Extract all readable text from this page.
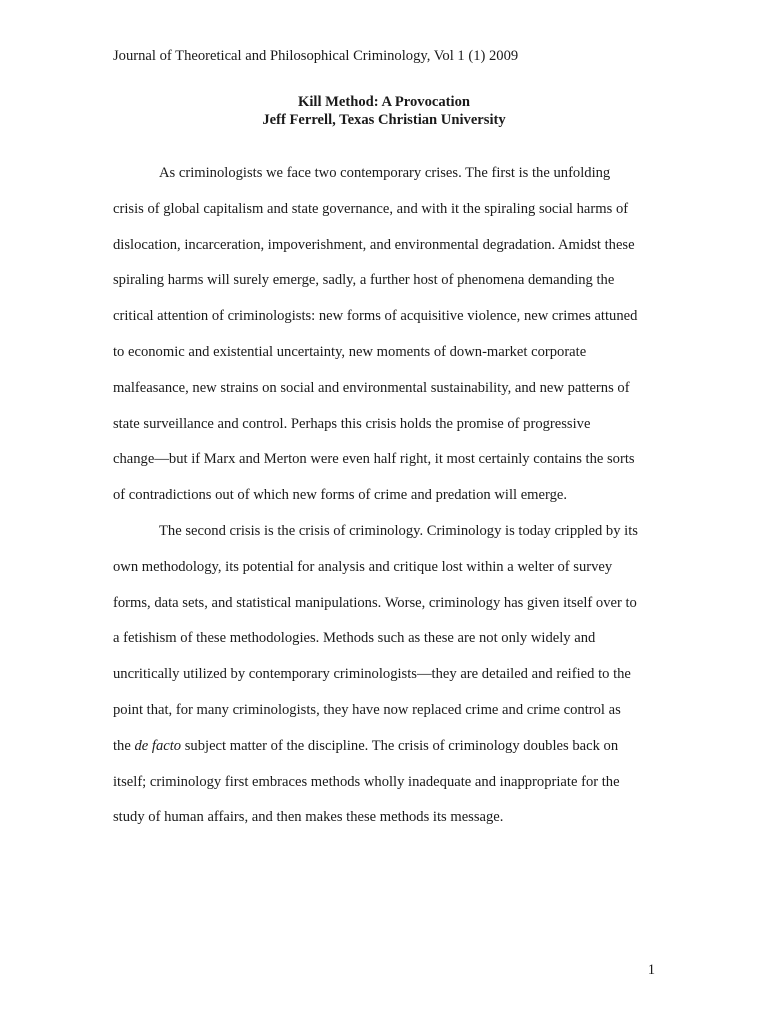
Journal of Theoretical and Philosophical Criminology, Vol 1 (1) 2009
Kill Method: A Provocation
Jeff Ferrell, Texas Christian University
As criminologists we face two contemporary crises. The first is the unfolding
crisis of global capitalism and state governance, and with it the spiraling social harms of
dislocation, incarceration, impoverishment, and environmental degradation. Amidst these
spiraling harms will surely emerge, sadly, a further host of phenomena demanding the
critical attention of criminologists: new forms of acquisitive violence, new crimes attuned
to economic and existential uncertainty, new moments of down-market corporate
malfeasance, new strains on social and environmental sustainability, and new patterns of
state surveillance and control. Perhaps this crisis holds the promise of progressive
change—but if Marx and Merton were even half right, it most certainly contains the sorts
of contradictions out of which new forms of crime and predation will emerge.
The second crisis is the crisis of criminology. Criminology is today crippled by its
own methodology, its potential for analysis and critique lost within a welter of survey
forms, data sets, and statistical manipulations. Worse, criminology has given itself over to
a fetishism of these methodologies. Methods such as these are not only widely and
uncritically utilized by contemporary criminologists—they are detailed and reified to the
point that, for many criminologists, they have now replaced crime and crime control as
the de facto subject matter of the discipline. The crisis of criminology doubles back on
itself; criminology first embraces methods wholly inadequate and inappropriate for the
study of human affairs, and then makes these methods its message.
1
